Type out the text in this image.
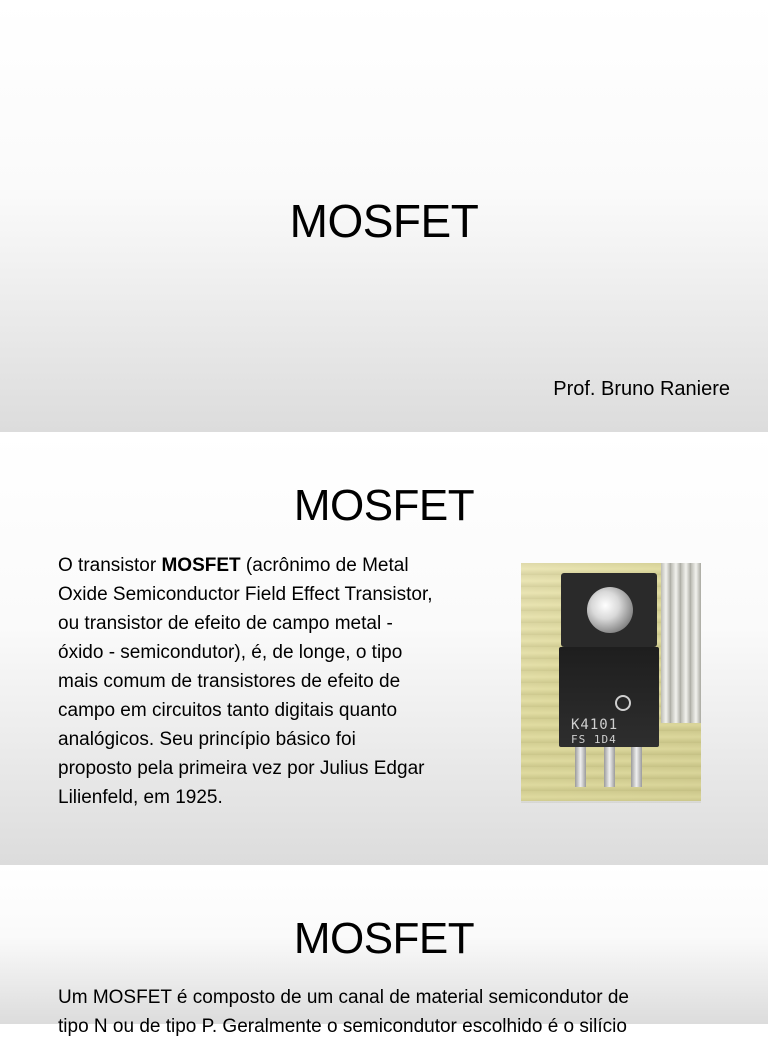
MOSFET
Prof. Bruno Raniere
MOSFET
O transistor MOSFET (acrônimo de Metal
Oxide Semiconductor Field Effect Transistor,
ou transistor de efeito de campo metal -
óxido - semicondutor), é, de longe, o tipo
mais comum de transistores de efeito de
campo em circuitos tanto digitais quanto
analógicos. Seu princípio básico foi
proposto pela primeira vez por Julius Edgar
Lilienfeld, em 1925.
K4101
FS 1D4
MOSFET
Um MOSFET é composto de um canal de material semicondutor de
tipo N ou de tipo P. Geralmente o semicondutor escolhido é o silício
